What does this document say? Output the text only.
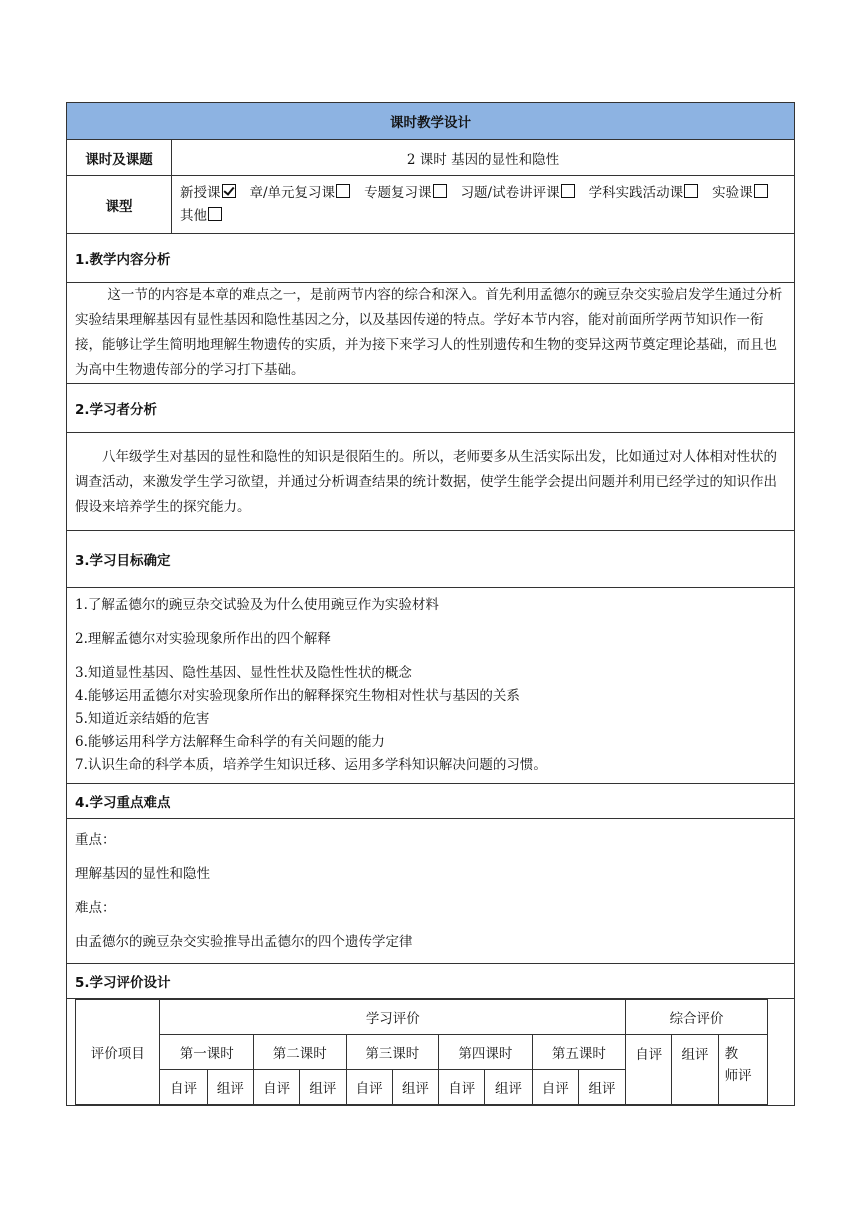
课时教学设计
课时及课题	2 课时 基因的显性和隐性
课型	新授课 章/单元复习课 专题复习课 习题/试卷讲评课 学科实践活动课 实验课其他
1.教学内容分析
这一节的内容是本章的难点之一，是前两节内容的综合和深入。首先利用孟德尔的豌豆杂交实验启发学生通过分析实验结果理解基因有显性基因和隐性基因之分，以及基因传递的特点。学好本节内容，能对前面所学两节知识作一衔接，能够让学生简明地理解生物遗传的实质，并为接下来学习人的性别遗传和生物的变异这两节奠定理论基础，而且也为高中生物遗传部分的学习打下基础。
2.学习者分析
八年级学生对基因的显性和隐性的知识是很陌生的。所以，老师要多从生活实际出发，比如通过对人体相对性状的调查活动，来激发学生学习欲望，并通过分析调查结果的统计数据，使学生能学会提出问题并利用已经学过的知识作出假设来培养学生的探究能力。
3.学习目标确定

1.了解孟德尔的豌豆杂交试验及为什么使用豌豆作为实验材料
2.理解孟德尔对实验现象所作出的四个解释
3.知道显性基因、隐性基因、显性性状及隐性性状的概念
4.能够运用孟德尔对实验现象所作出的解释探究生物相对性状与基因的关系
5.知道近亲结婚的危害
6.能够运用科学方法解释生命科学的有关问题的能力
7.认识生命的科学本质，培养学生知识迁移、运用多学科知识解决问题的习惯。

4.学习重点难点

重点：
理解基因的显性和隐性
难点：
由孟德尔的豌豆杂交实验推导出孟德尔的四个遗传学定律

5.学习评价设计

评价项目	学习评价	综合评价
第一课时	第二课时	第三课时	第四课时	第五课时	自评	组评	教　师评
自评	组评	自评	组评	自评	组评	自评	组评	自评	组评
